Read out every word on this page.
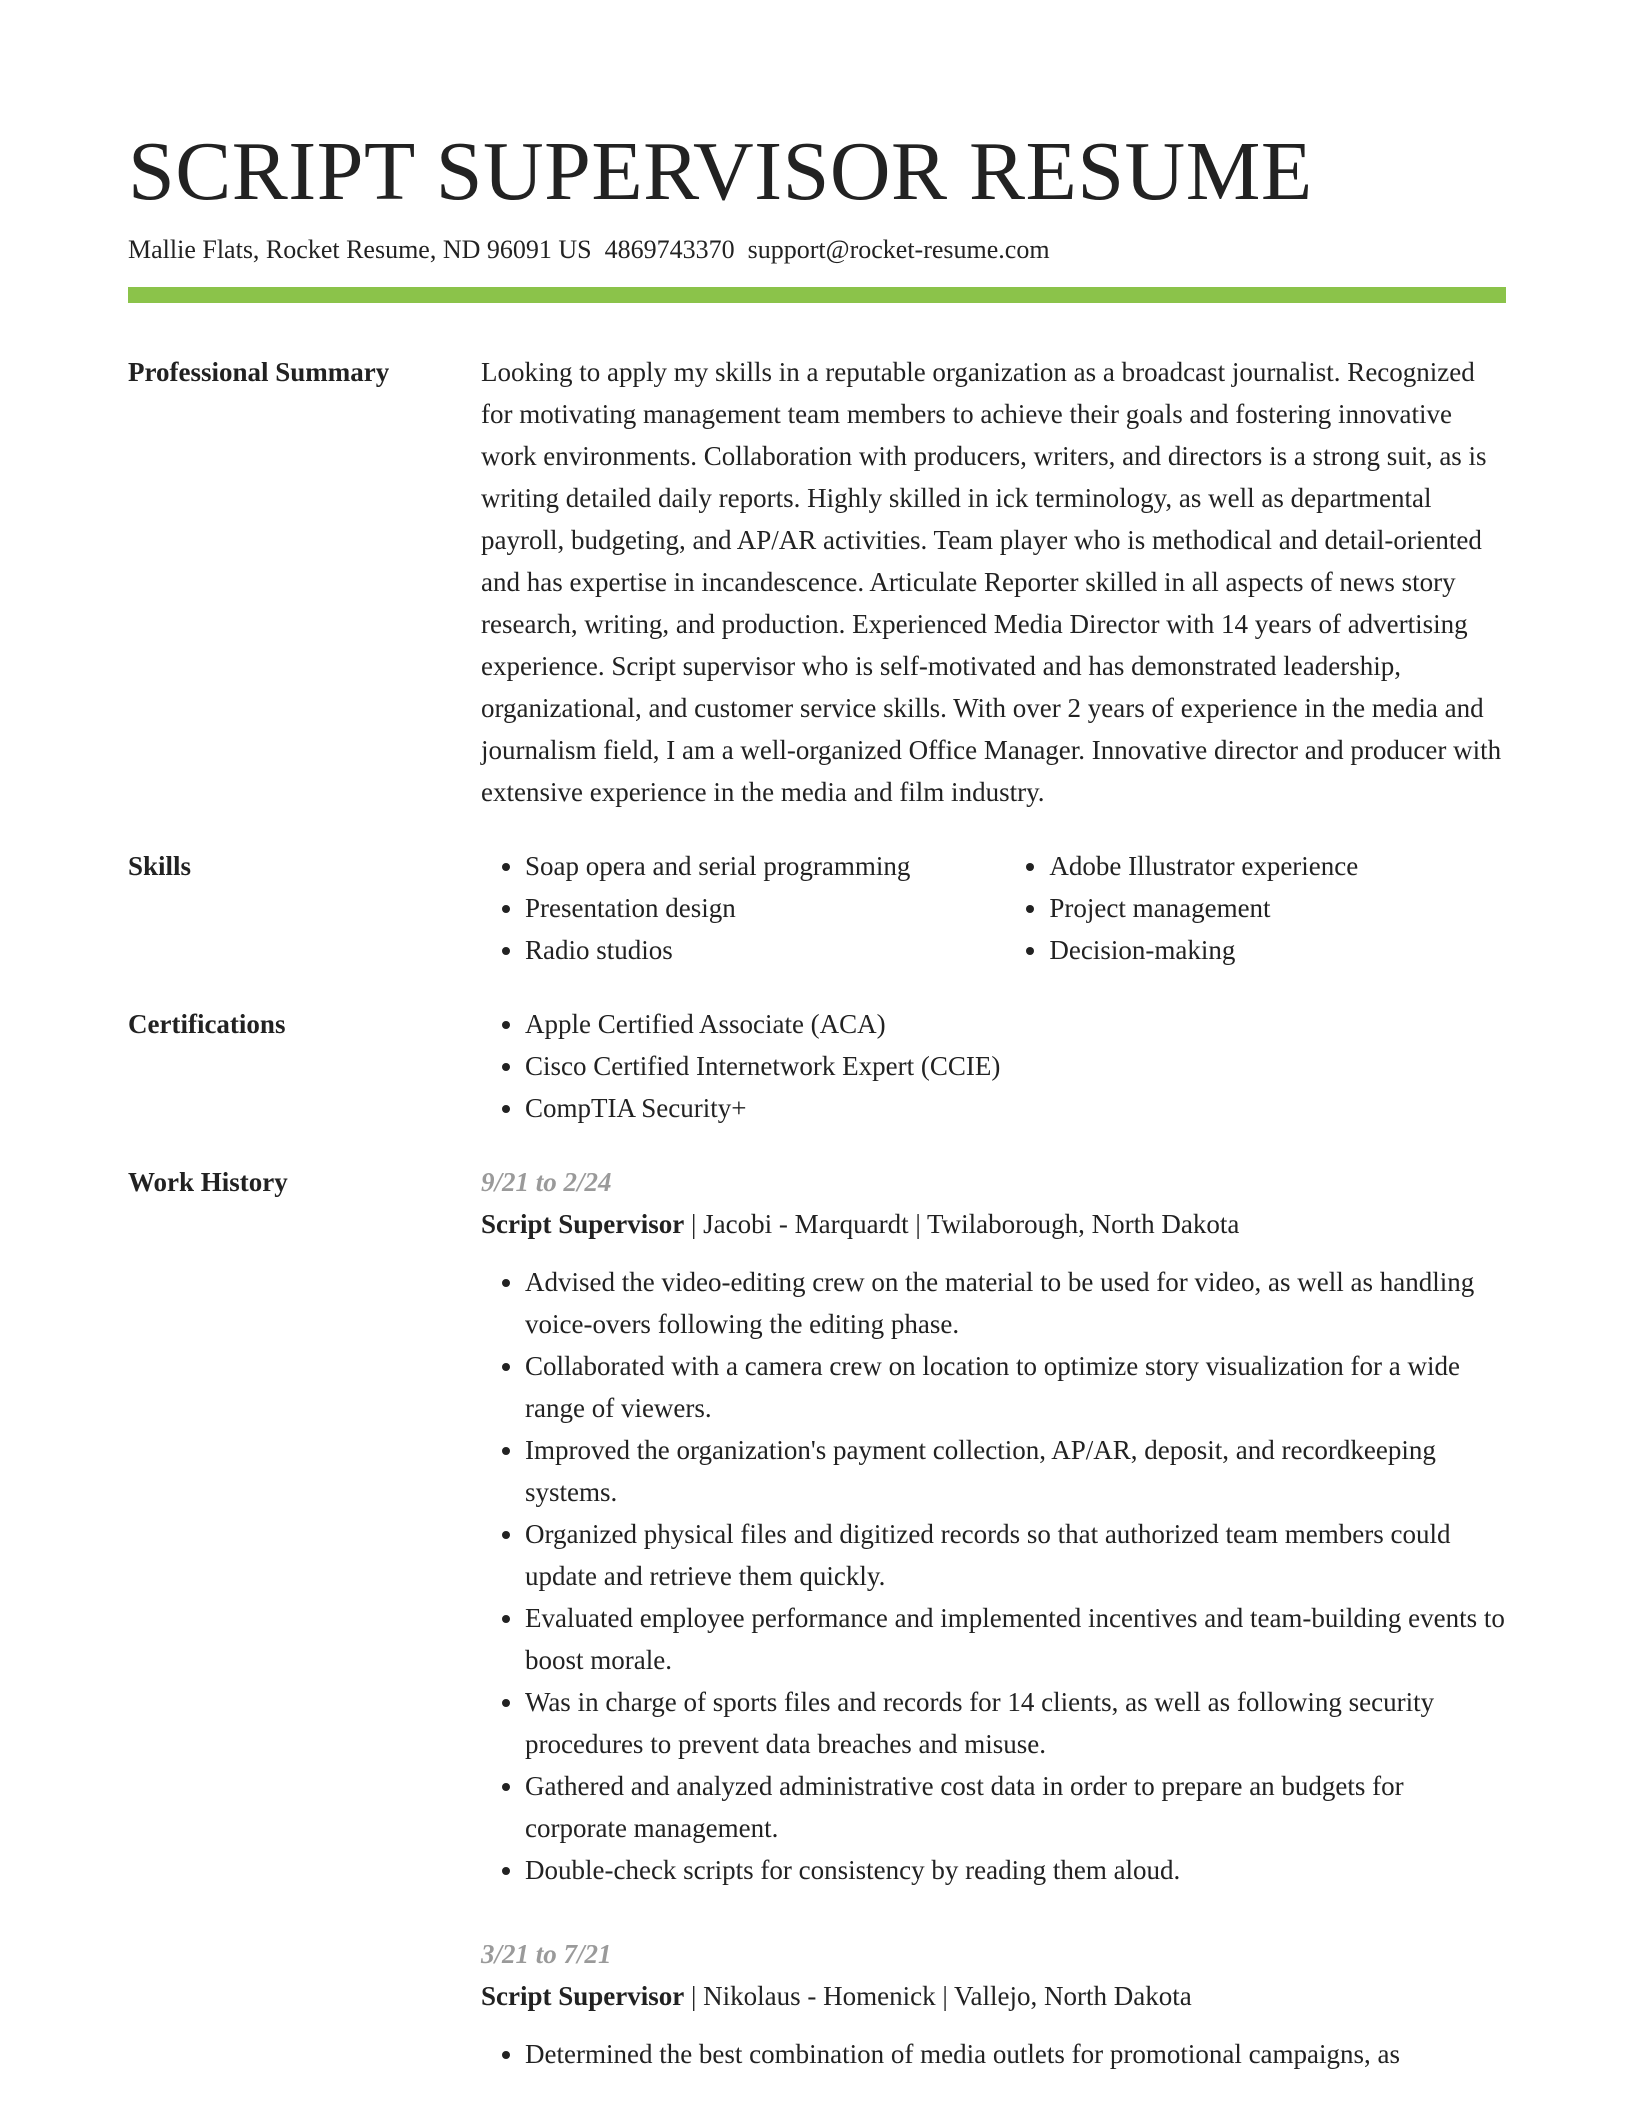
SCRIPT SUPERVISOR RESUME
Mallie Flats, Rocket Resume, ND 96091 US 4869743370 support@rocket-resume.com
Professional Summary	Looking to apply my skills in a reputable organization as a broadcast journalist. Recognized for motivating management team members to achieve their goals and fostering innovative work environments. Collaboration with producers, writers, and directors is a strong suit, as is writing detailed daily reports. Highly skilled in ick terminology, as well as departmental payroll, budgeting, and AP/AR activities. Team player who is methodical and detail-oriented and has expertise in incandescence. Articulate Reporter skilled in all aspects of news story research, writing, and production. Experienced Media Director with 14 years of advertising experience. Script supervisor who is self-motivated and has demonstrated leadership, organizational, and customer service skills. With over 2 years of experience in the media and journalism field, I am a well-organized Office Manager. Innovative director and producer with extensive experience in the media and film industry.
Skills	• Soap opera and serial programming
• Presentation design
• Radio studios
• Adobe Illustrator experience
• Project management
• Decision-making
Certifications	• Apple Certified Associate (ACA)
• Cisco Certified Internetwork Expert (CCIE)
• CompTIA Security+
Work History	9/21 to 2/24
Script Supervisor | Jacobi - Marquardt | Twilaborough, North Dakota
• Advised the video-editing crew on the material to be used for video, as well as handling voice-overs following the editing phase.
• Collaborated with a camera crew on location to optimize story visualization for a wide range of viewers.
• Improved the organization's payment collection, AP/AR, deposit, and recordkeeping systems.
• Organized physical files and digitized records so that authorized team members could update and retrieve them quickly.
• Evaluated employee performance and implemented incentives and team-building events to boost morale.
• Was in charge of sports files and records for 14 clients, as well as following security procedures to prevent data breaches and misuse.
• Gathered and analyzed administrative cost data in order to prepare an budgets for corporate management.
• Double-check scripts for consistency by reading them aloud.
3/21 to 7/21
Script Supervisor | Nikolaus - Homenick | Vallejo, North Dakota
• Determined the best combination of media outlets for promotional campaigns, as
